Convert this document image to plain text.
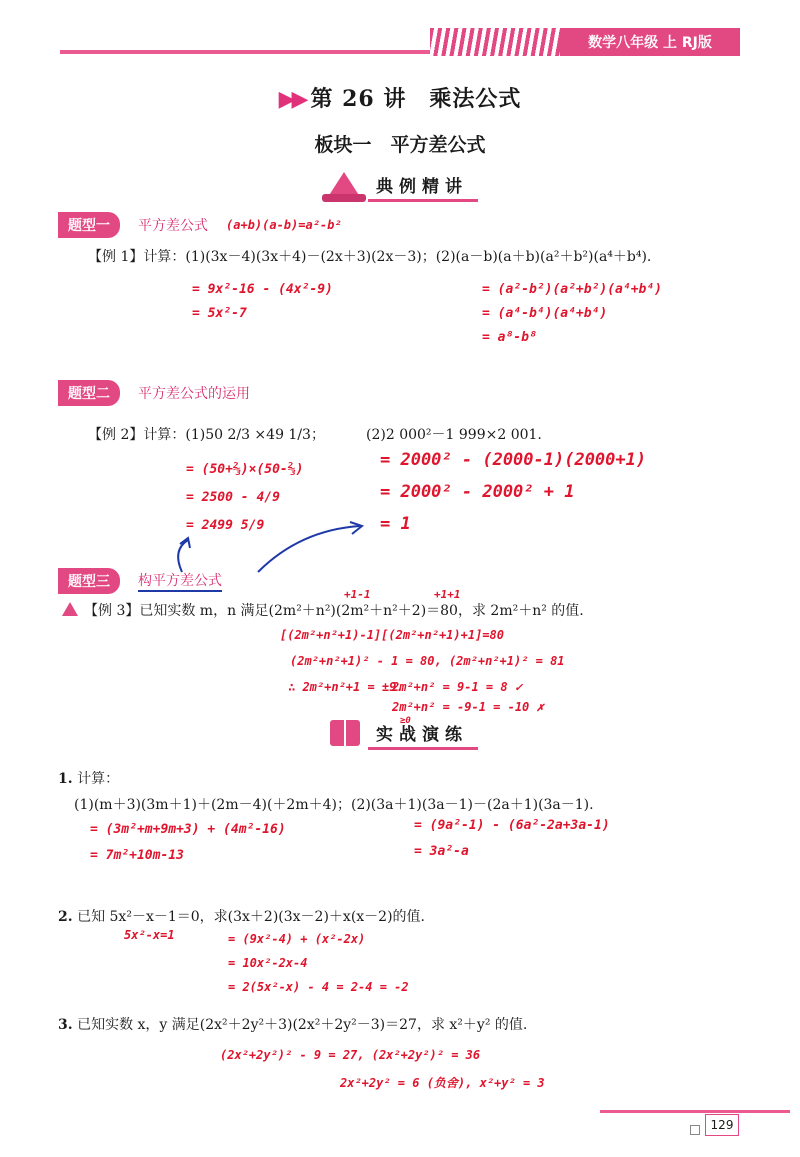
数学八年级 上 RJ版
▶▶ 第 26 讲　乘法公式
板块一　平方差公式
典例精讲
题型一	平方差公式 (a+b)(a-b)=a²-b²
【例 1】计算：(1)(3x－4)(3x＋4)－(2x＋3)(2x－3)；(2)(a－b)(a＋b)(a²＋b²)(a⁴＋b⁴).
= 9x²-16 - (4x²-9)
= 5x²-7
= (a²-b²)(a²+b²)(a⁴+b⁴)
= (a⁴-b⁴)(a⁴+b⁴)
= a⁸-b⁸
题型二	平方差公式的运用
【例 2】计算：(1)50 2/3 ×49 1/3；	(2)2 000²－1 999×2 001.
= (50+⅔)×(50-⅔)
= 2500 - 4/9
= 2499 5/9
= 2000² - (2000-1)(2000+1)
= 2000² - 2000² + 1
= 1
题型三	构平方差公式
+1-1	+1+1
【例 3】已知实数 m，n 满足(2m²＋n²)(2m²＋n²＋2)＝80，求 2m²＋n² 的值.
[(2m²+n²+1)-1][(2m²+n²+1)+1]=80
(2m²+n²+1)² - 1 = 80, (2m²+n²+1)² = 81
∴ 2m²+n²+1 = ±9.
2m²+n² = 9-1 = 8 ✓
2m²+n² = -9-1 = -10 ✗
≥0
实战演练
1. 计算：
(1)(m＋3)(3m＋1)＋(2m－4)(＋2m＋4)；(2)(3a＋1)(3a－1)－(2a＋1)(3a－1).
= (3m²+m+9m+3) + (4m²-16)
= 7m²+10m-13
= (9a²-1) - (6a²-2a+3a-1)
= 3a²-a
2. 已知 5x²－x－1＝0，求(3x＋2)(3x－2)＋x(x－2)的值.
5x²-x=1	= (9x²-4) + (x²-2x)
= 10x²-2x-4
= 2(5x²-x) - 4 = 2-4 = -2
3. 已知实数 x，y 满足(2x²＋2y²＋3)(2x²＋2y²－3)＝27，求 x²＋y² 的值.
(2x²+2y²)² - 9 = 27, (2x²+2y²)² = 36
2x²+2y² = 6 (负舍), x²+y² = 3
129
